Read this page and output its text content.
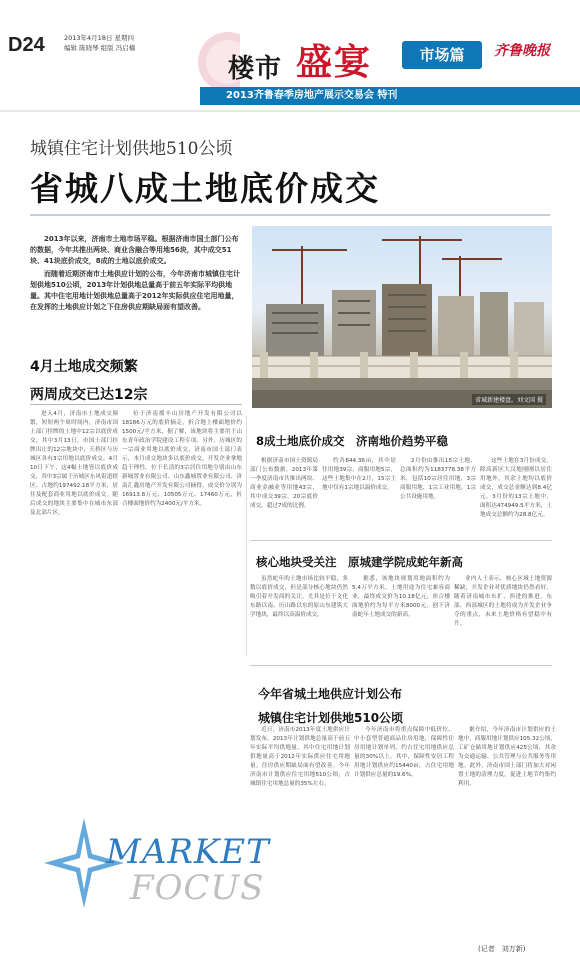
D24	2013年4月18日 星期四
编辑 陈晓琴 组版 冯启楠
楼市 盛宴	市场篇	齐鲁晚报
2013齐鲁春季房地产展示交易会 特刊
城镇住宅计划供地510公顷
省城八成土地底价成交

2013年以来，济南市土地市场平稳。根据济南市国土部门公布的数据，今年共推出两块、商业含融合等用地56块，其中成交51块、41块底价成交，8成的土地以底价成交。

而随着近期济南市土地供应计划的公布，今年济南市城镇住宅计划供地510公顷，2013年计划供地总量高于前五年实际平均供地量。其中住宅用地计划供地总量高于2012年实际供应住宅用地量，在发挥的土地供应计划之下住房供应期缺局面有望改善。

省城新建楼盘。刘文国 摄
4月土地成交频繁
两周成交已达12宗

进入4月，济南市土地成交频繁，短短两个周时间内，济南市国土部门挂牌的土地中12宗以底价成交。其中3月13日，市国土部门挂牌出让的12宗地块中，天桥区与历城区各有3宗用地以底价成交。4月10日下午，这4幅土地皆以底价成交，其中3宗属于历城区东风街道辖区。占地约197492.18平方米，居住及配套商业用地以底价成交。随后成交的地块主要集中在城市东部及北部片区。

位于济南援丰山房地产开发有限公司以18186万元的底价摘走，折合地上楼面地价约1500元/平方米，据了解，该地块将主要用于山东青年政治学院建设工程专项。另外，历城区的一宗商业用地以底价成交，济南市国土部门表示，本月成交地块多以底价成交，开发企业拿地趋于理性。位于长清的3宗居住用地分别由山东新城置业有限公司、山东鑫城置业有限公司、济南汇鑫房地产开发有限公司摘得，成交价分别为16913.8万元、10505万元、17460万元，折合楼面地价约为2400元/平方米。

8成土地底价成交　济南地价趋势平稳

根据济南市国土资源局部门公布数据，2013年第一季度济南市共推出两块、商业金融业等用地43宗，其中成交39宗，20宗底价成交，超过7成的比例。

约各844.36亩，其中居住用地39宗，商服用地5宗，这些土地集中在2月，15宗土地中仅有1宗地以溢价成交。

2月份由推出15宗土地，总面积约为1183778.38平方米，包括10宗居住用地，3宗商服用地，1宗工业用地，1宗公共设施用地。

这些土地在3月份成交，除高新区大汉地刚刚以居住用地外，其余土地均以底价成交，成交总金额达到8.4亿元。3月份的13宗土地中，面积达474949.5平方米，土地成交总额约为28.8亿元。

核心地块受关注　原城建学院成蛇年新高

虽然蛇年的土地市场比较平稳，多数以底价成交，但是部分核心地块仍然吸引着开发商的关注。尤其是位于文化东路以南、历山路以东的原山东建筑大学地块，最终以高溢价成交。

据悉，该地块规划用地面积约为5.4万平方米，土地用途为住宅兼容商业，最终成交价为10.18亿元，折合楼面地价约为每平方米8000元，创下济南蛇年土地成交的新高。

业内人士表示，核心区域土地资源稀缺，开发企业对优质地块仍然看好。随着济南城市东扩、西进的推进，东部、西部城区的土地将成为开发企业争夺的重点，未来土地价格有望稳中有升。

今年省城土地供应计划公布
城镇住宅计划供地510公顷

近日，济南市2013年度土地供应计划发布，2013年计划供地总量高于前五年实际平均供地量，其中住宅用地计划供地量高于2012年实际供应住宅用地量。住房供应期缺局面有望改善。今年济南市计划供应住宅用地510公顷，占城镇住宅用地总量的35%左右。

今年济南市将重点保障中低价位、中小套型普通商品住房用地，保障性住房用地计划单列，约占住宅用地供应总量的30%以上。其中，保障性安居工程用地计划供应约15440亩，占住宅用地计划供应总量的19.6%。

据介绍，今年济南市计划供应的土地中，商服用地计划供应105.32公顷，工矿仓储用地计划供应425公顷，其余为交通运输、公共管理与公共服务等用地。此外，济南市国土部门将加大对闲置土地的清理力度，促进土地节约集约利用。

MARKET
FOCUS
(记者　刘万新)
